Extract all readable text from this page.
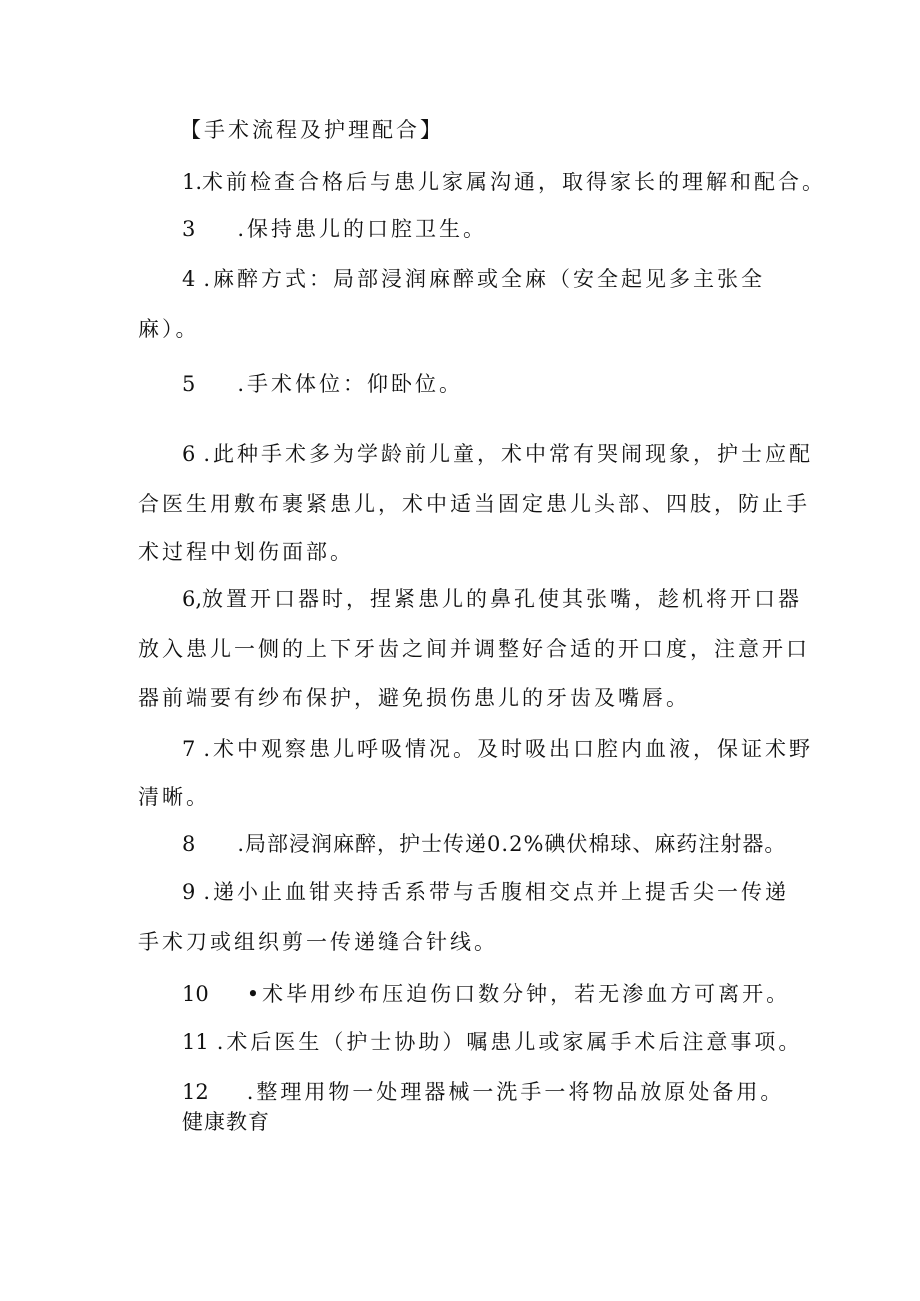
【手术流程及护理配合】
1.术前检查合格后与患儿家属沟通，取得家长的理解和配合。
3 .保持患儿的口腔卫生。
4 .麻醉方式：局部浸润麻醉或全麻（安全起见多主张全
麻）。
5 .手术体位：仰卧位。
6 .此种手术多为学龄前儿童，术中常有哭闹现象，护士应配
合医生用敷布裹紧患儿，术中适当固定患儿头部、四肢，防止手
术过程中划伤面部。
6,放置开口器时，捏紧患儿的鼻孔使其张嘴，趁机将开口器
放入患儿一侧的上下牙齿之间并调整好合适的开口度，注意开口
器前端要有纱布保护，避免损伤患儿的牙齿及嘴唇。
7 .术中观察患儿呼吸情况。及时吸出口腔内血液，保证术野
清晰。
8 .局部浸润麻醉，护士传递0.2%碘伏棉球、麻药注射器。
9 .递小止血钳夹持舌系带与舌腹相交点并上提舌尖一传递
手术刀或组织剪一传递缝合针线。
10 •术毕用纱布压迫伤口数分钟，若无渗血方可离开。
11 .术后医生（护士协助）嘱患儿或家属手术后注意事项。
12 .整理用物一处理器械一洗手一将物品放原处备用。
健康教育
